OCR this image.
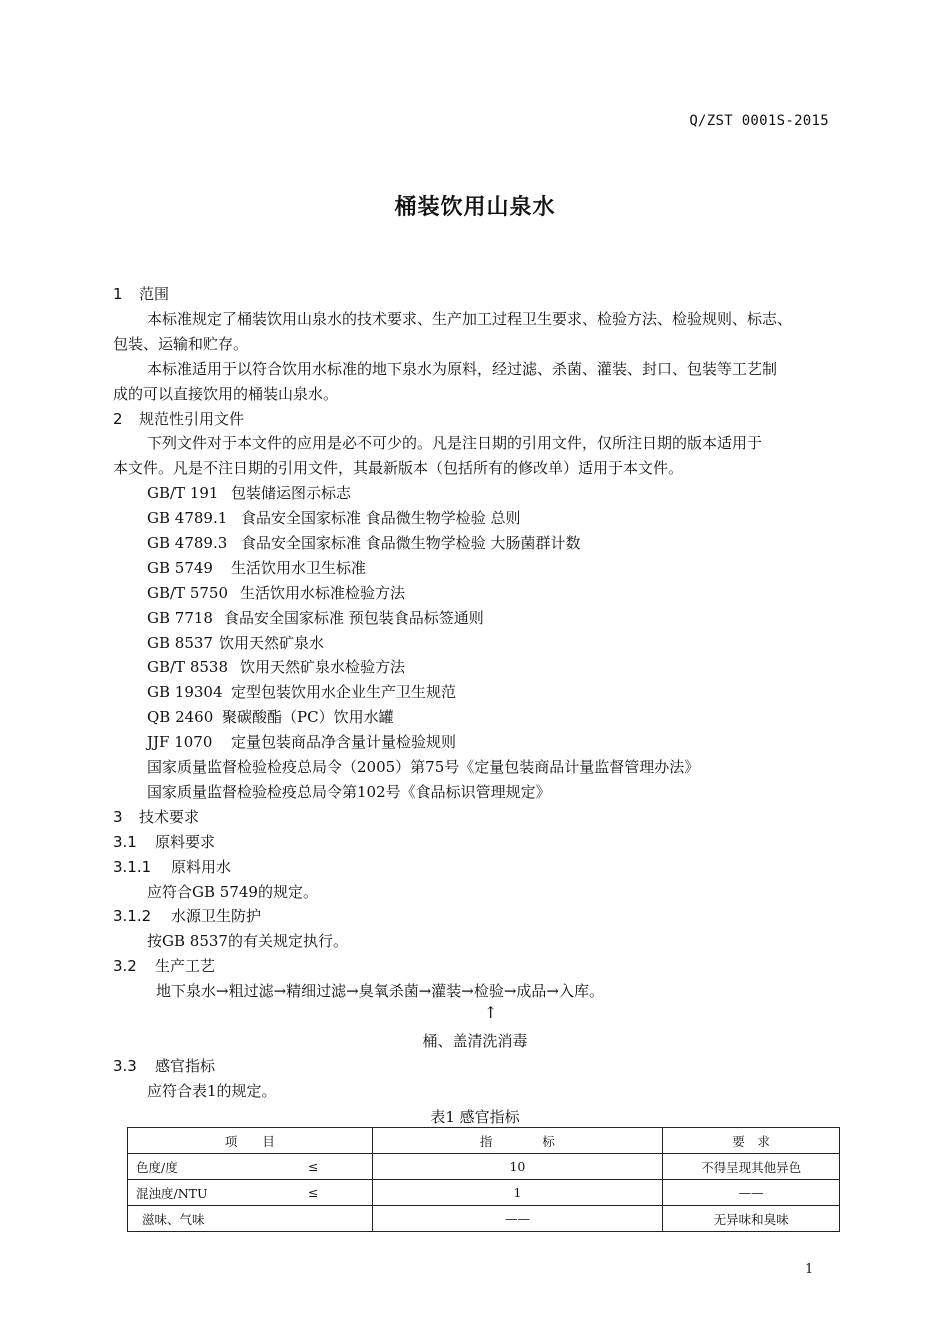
Q/ZST 0001S-2015
桶装饮用山泉水
1 范围
本标准规定了桶装饮用山泉水的技术要求、生产加工过程卫生要求、检验方法、检验规则、标志、
包装、运输和贮存。
本标准适用于以符合饮用水标准的地下泉水为原料，经过滤、杀菌、灌装、封口、包装等工艺制
成的可以直接饮用的桶装山泉水。
2 规范性引用文件
下列文件对于本文件的应用是必不可少的。凡是注日期的引用文件，仅所注日期的版本适用于
本文件。凡是不注日期的引用文件，其最新版本（包括所有的修改单）适用于本文件。
GB/T 191 包装储运图示标志
GB 4789.1 食品安全国家标准 食品微生物学检验 总则
GB 4789.3 食品安全国家标准 食品微生物学检验 大肠菌群计数
GB 5749 生活饮用水卫生标准
GB/T 5750 生活饮用水标准检验方法
GB 7718 食品安全国家标准 预包装食品标签通则
GB 8537 饮用天然矿泉水
GB/T 8538 饮用天然矿泉水检验方法
GB 19304 定型包装饮用水企业生产卫生规范
QB 2460 聚碳酸酯（PC）饮用水罐
JJF 1070 定量包装商品净含量计量检验规则
国家质量监督检验检疫总局令（2005）第75号《定量包装商品计量监督管理办法》
国家质量监督检验检疫总局令第102号《食品标识管理规定》
3 技术要求
3.1 原料要求
3.1.1 原料用水
应符合GB 5749的规定。
3.1.2 水源卫生防护
按GB 8537的有关规定执行。
3.2 生产工艺
地下泉水→粗过滤→精细过滤→臭氧杀菌→灌装→检验→成品→入库。
↑
桶、盖清洗消毒
3.3 感官指标
应符合表1的规定。
表1 感官指标
项　　目	指　　　　标	要　求
色度/度 ≤	10	不得呈现其他异色
混浊度/NTU ≤	1	——
滋味、气味	——	无异味和臭味
1
